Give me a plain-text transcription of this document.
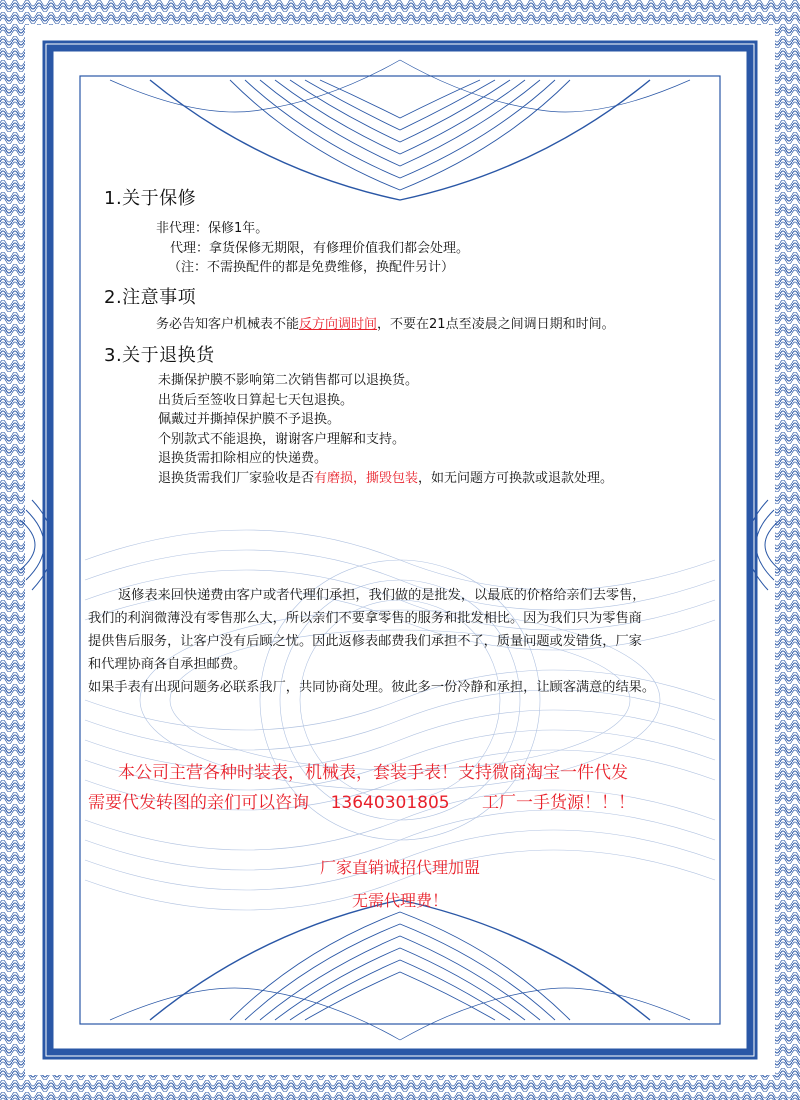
1.关于保修
非代理：保修1年。
代理：拿货保修无期限，有修理价值我们都会处理。
（注：不需换配件的都是免费维修，换配件另计）
2.注意事项
务必告知客户机械表不能反方向调时间，不要在21点至凌晨之间调日期和时间。
3.关于退换货
未撕保护膜不影响第二次销售都可以退换货。
出货后至签收日算起七天包退换。
佩戴过并撕掉保护膜不予退换。
个别款式不能退换，谢谢客户理解和支持。
退换货需扣除相应的快递费。
退换货需我们厂家验收是否有磨损，撕毁包装，如无问题方可换款或退款处理。
返修表来回快递费由客户或者代理们承担，我们做的是批发，以最底的价格给亲们去零售，
我们的利润微薄没有零售那么大，所以亲们不要拿零售的服务和批发相比。因为我们只为零售商
提供售后服务，让客户没有后顾之忧。因此返修表邮费我们承担不了，质量问题或发错货，厂家
和代理协商各自承担邮费。
如果手表有出现问题务必联系我厂，共同协商处理。彼此多一份冷静和承担，让顾客满意的结果。
本公司主营各种时装表，机械表，套装手表！支持微商淘宝一件代发
需要代发转图的亲们可以咨询    13640301805      工厂一手货源！！！
厂家直销诚招代理加盟
无需代理费！
